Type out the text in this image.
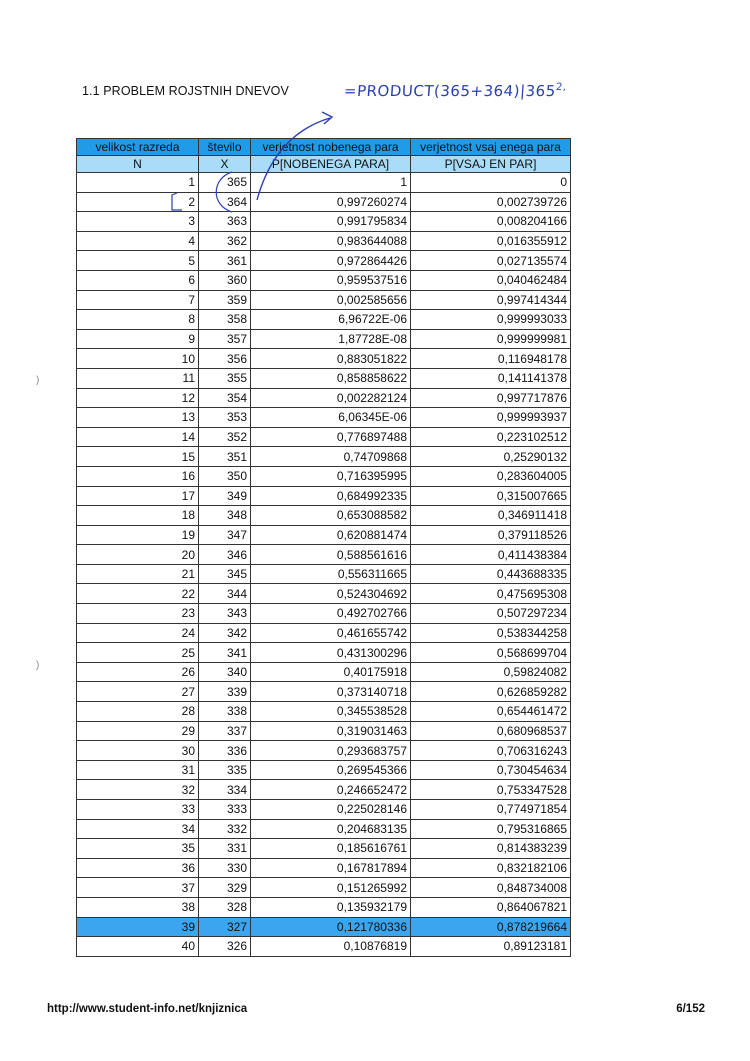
1.1 PROBLEM ROJSTNIH DNEVOV	$=PRODUCT(365+364)|365^{2,}$
velikost razreda	število	verjetnost nobenega para	verjetnost vsaj enega para
N	X	P[NOBENEGA PARA]	P[VSAJ EN PAR]
1	365	1	0
2	364	0,997260274	0,002739726
3	363	0,991795834	0,008204166
4	362	0,983644088	0,016355912
5	361	0,972864426	0,027135574
6	360	0,959537516	0,040462484
7	359	0,002585656	0,997414344
8	358	6,96722E-06	0,999993033
9	357	1,87728E-08	0,999999981
10	356	0,883051822	0,116948178
11	355	0,858858622	0,141141378
12	354	0,002282124	0,997717876
13	353	6,06345E-06	0,999993937
14	352	0,776897488	0,223102512
15	351	0,74709868	0,25290132
16	350	0,716395995	0,283604005
17	349	0,684992335	0,315007665
18	348	0,653088582	0,346911418
19	347	0,620881474	0,379118526
20	346	0,588561616	0,411438384
21	345	0,556311665	0,443688335
22	344	0,524304692	0,475695308
23	343	0,492702766	0,507297234
24	342	0,461655742	0,538344258
25	341	0,431300296	0,568699704
26	340	0,40175918	0,59824082
27	339	0,373140718	0,626859282
28	338	0,345538528	0,654461472
29	337	0,319031463	0,680968537
30	336	0,293683757	0,706316243
31	335	0,269545366	0,730454634
32	334	0,246652472	0,753347528
33	333	0,225028146	0,774971854
34	332	0,204683135	0,795316865
35	331	0,185616761	0,814383239
36	330	0,167817894	0,832182106
37	329	0,151265992	0,848734008
38	328	0,135932179	0,864067821
39	327	0,121780336	0,878219664
40	326	0,10876819	0,89123181
)
)
http://www.student-info.net/knjiznica	6/152
